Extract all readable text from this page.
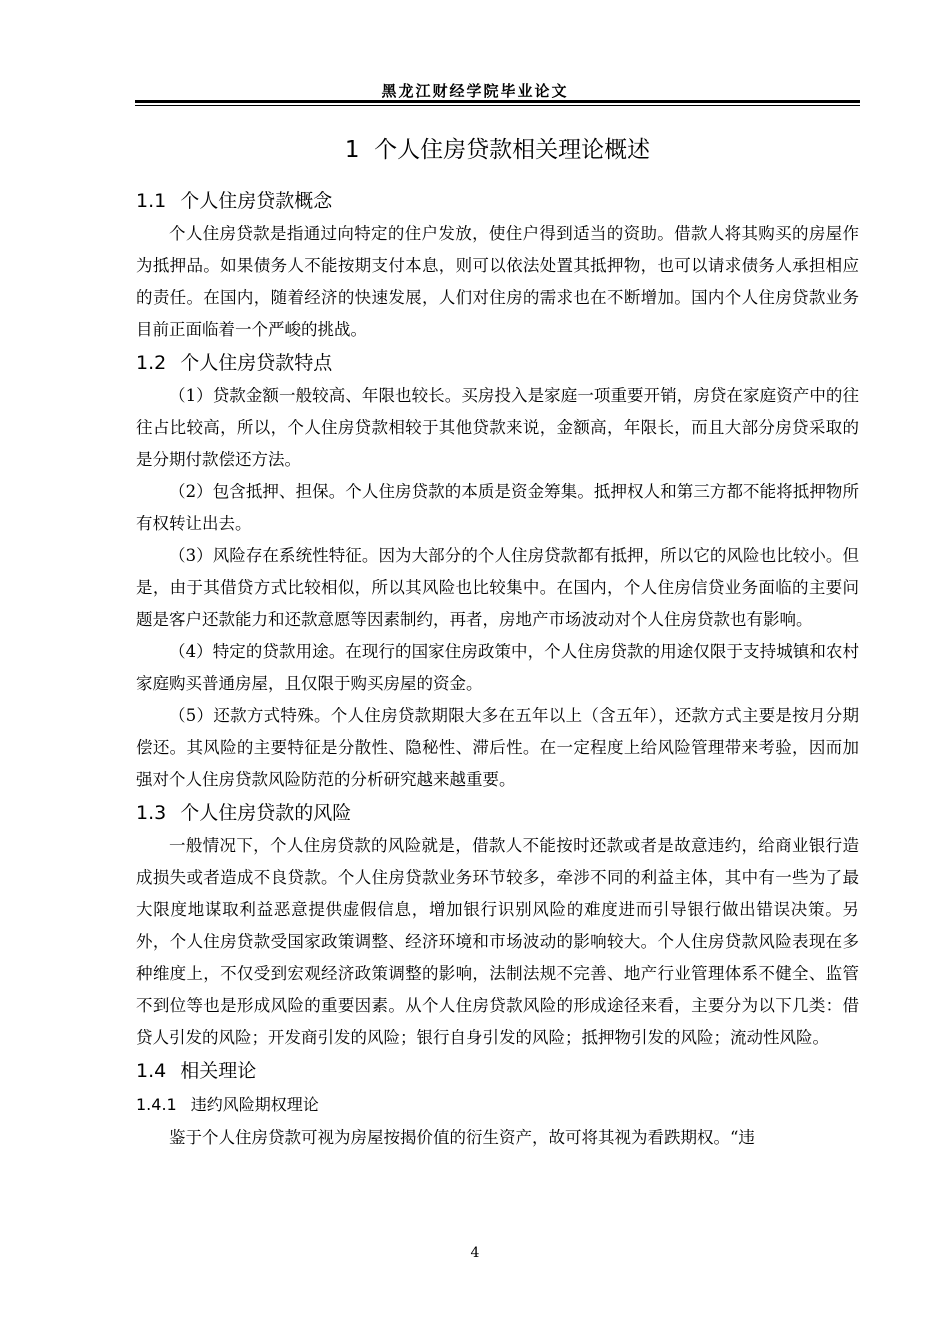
黑龙江财经学院毕业论文
1 个人住房贷款相关理论概述
1.1 个人住房贷款概念

个人住房贷款是指通过向特定的住户发放，使住户得到适当的资助。借款人将其购买的房屋作为抵押品。如果债务人不能按期支付本息，则可以依法处置其抵押物，也可以请求债务人承担相应的责任。在国内，随着经济的快速发展，人们对住房的需求也在不断增加。国内个人住房贷款业务目前正面临着一个严峻的挑战。

1.2 个人住房贷款特点

（1）贷款金额一般较高、年限也较长。买房投入是家庭一项重要开销，房贷在家庭资产中的往往占比较高，所以，个人住房贷款相较于其他贷款来说，金额高，年限长，而且大部分房贷采取的是分期付款偿还方法。

（2）包含抵押、担保。个人住房贷款的本质是资金筹集。抵押权人和第三方都不能将抵押物所有权转让出去。

（3）风险存在系统性特征。因为大部分的个人住房贷款都有抵押，所以它的风险也比较小。但是，由于其借贷方式比较相似，所以其风险也比较集中。在国内，个人住房信贷业务面临的主要问题是客户还款能力和还款意愿等因素制约，再者，房地产市场波动对个人住房贷款也有影响。

（4）特定的贷款用途。在现行的国家住房政策中，个人住房贷款的用途仅限于支持城镇和农村家庭购买普通房屋，且仅限于购买房屋的资金。

（5）还款方式特殊。个人住房贷款期限大多在五年以上（含五年），还款方式主要是按月分期偿还。其风险的主要特征是分散性、隐秘性、滞后性。在一定程度上给风险管理带来考验，因而加强对个人住房贷款风险防范的分析研究越来越重要。

1.3 个人住房贷款的风险

一般情况下，个人住房贷款的风险就是，借款人不能按时还款或者是故意违约，给商业银行造成损失或者造成不良贷款。个人住房贷款业务环节较多，牵涉不同的利益主体，其中有一些为了最大限度地谋取利益恶意提供虚假信息，增加银行识别风险的难度进而引导银行做出错误决策。另外，个人住房贷款受国家政策调整、经济环境和市场波动的影响较大。个人住房贷款风险表现在多种维度上，不仅受到宏观经济政策调整的影响，法制法规不完善、地产行业管理体系不健全、监管不到位等也是形成风险的重要因素。从个人住房贷款风险的形成途径来看，主要分为以下几类：借贷人引发的风险；开发商引发的风险；银行自身引发的风险；抵押物引发的风险；流动性风险。

1.4 相关理论
1.4.1 违约风险期权理论

鉴于个人住房贷款可视为房屋按揭价值的衍生资产，故可将其视为看跌期权。“违

4
